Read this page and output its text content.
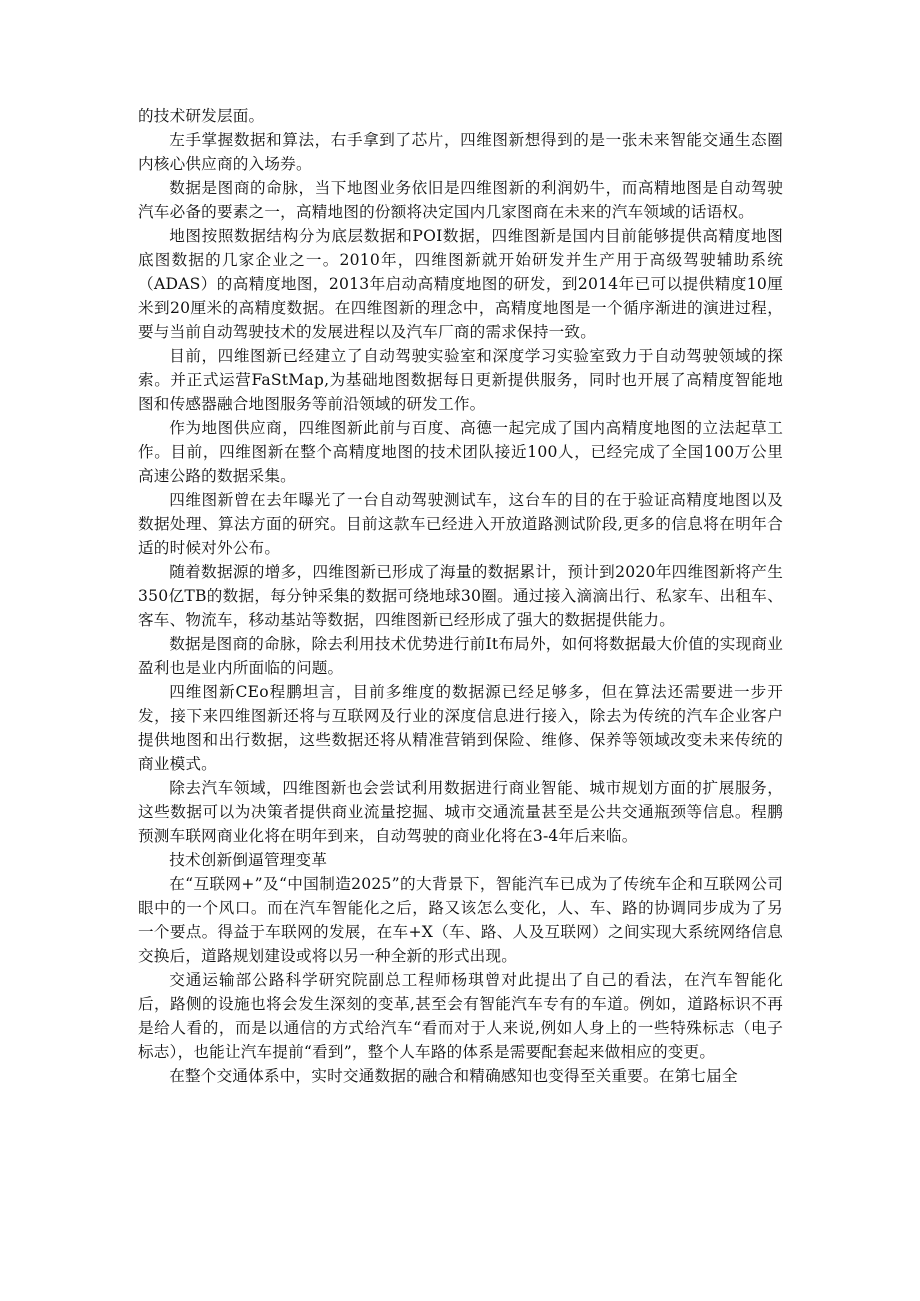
的技术研发层面。

左手掌握数据和算法，右手拿到了芯片，四维图新想得到的是一张未来智能交通生态圈内核心供应商的入场券。

数据是图商的命脉，当下地图业务依旧是四维图新的利润奶牛，而高精地图是自动驾驶汽车必备的要素之一，高精地图的份额将决定国内几家图商在未来的汽车领域的话语权。

地图按照数据结构分为底层数据和POI数据，四维图新是国内目前能够提供高精度地图底图数据的几家企业之一。2010年，四维图新就开始研发并生产用于高级驾驶辅助系统（ADAS）的高精度地图，2013年启动高精度地图的研发，到2014年已可以提供精度10厘米到20厘米的高精度数据。在四维图新的理念中，高精度地图是一个循序渐进的演进过程，要与当前自动驾驶技术的发展进程以及汽车厂商的需求保持一致。

目前，四维图新已经建立了自动驾驶实验室和深度学习实验室致力于自动驾驶领域的探索。并正式运营FaStMap,为基础地图数据每日更新提供服务，同时也开展了高精度智能地图和传感器融合地图服务等前沿领域的研发工作。

作为地图供应商，四维图新此前与百度、高德一起完成了国内高精度地图的立法起草工作。目前，四维图新在整个高精度地图的技术团队接近100人，已经完成了全国100万公里高速公路的数据采集。

四维图新曾在去年曝光了一台自动驾驶测试车，这台车的目的在于验证高精度地图以及数据处理、算法方面的研究。目前这款车已经进入开放道路测试阶段,更多的信息将在明年合适的时候对外公布。

随着数据源的增多，四维图新已形成了海量的数据累计，预计到2020年四维图新将产生350亿TB的数据，每分钟采集的数据可绕地球30圈。通过接入滴滴出行、私家车、出租车、客车、物流车，移动基站等数据，四维图新已经形成了强大的数据提供能力。

数据是图商的命脉，除去利用技术优势进行前It布局外，如何将数据最大价值的实现商业盈利也是业内所面临的问题。

四维图新CEo程鹏坦言，目前多维度的数据源已经足够多，但在算法还需要进一步开发，接下来四维图新还将与互联网及行业的深度信息进行接入，除去为传统的汽车企业客户提供地图和出行数据，这些数据还将从精准营销到保险、维修、保养等领域改变未来传统的商业模式。

除去汽车领域，四维图新也会尝试利用数据进行商业智能、城市规划方面的扩展服务，这些数据可以为决策者提供商业流量挖掘、城市交通流量甚至是公共交通瓶颈等信息。程鹏预测车联网商业化将在明年到来，自动驾驶的商业化将在3-4年后来临。

技术创新倒逼管理变革

在“互联网+”及“中国制造2025”的大背景下，智能汽车已成为了传统车企和互联网公司眼中的一个风口。而在汽车智能化之后，路又该怎么变化，人、车、路的协调同步成为了另一个要点。得益于车联网的发展，在车+X（车、路、人及互联网）之间实现大系统网络信息交换后，道路规划建设或将以另一种全新的形式出现。

交通运输部公路科学研究院副总工程师杨琪曾对此提出了自己的看法，在汽车智能化后，路侧的设施也将会发生深刻的变革,甚至会有智能汽车专有的车道。例如，道路标识不再是给人看的，而是以通信的方式给汽车“看而对于人来说,例如人身上的一些特殊标志（电子标志），也能让汽车提前“看到”，整个人车路的体系是需要配套起来做相应的变更。

在整个交通体系中，实时交通数据的融合和精确感知也变得至关重要。在第七届全
